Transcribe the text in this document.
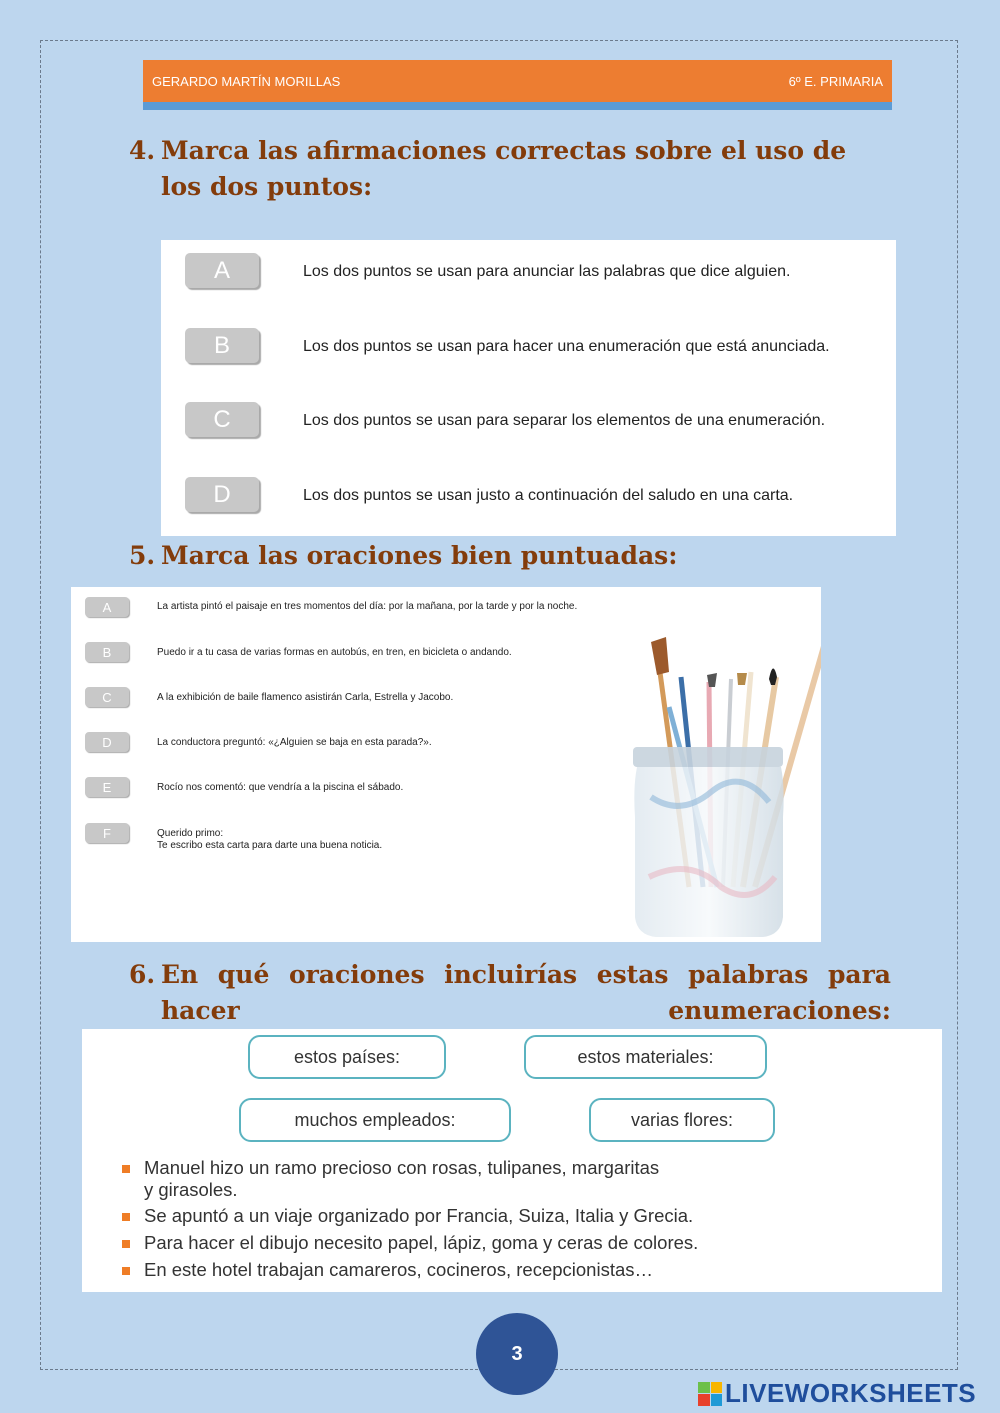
GERARDO MARTÍN MORILLAS	6º E. PRIMARIA
4. Marca las afirmaciones correctas sobre el uso de los dos puntos:
A	Los dos puntos se usan para anunciar las palabras que dice alguien.
B	Los dos puntos se usan para hacer una enumeración que está anunciada.
C	Los dos puntos se usan para separar los elementos de una enumeración.
D	Los dos puntos se usan justo a continuación del saludo en una carta.
5. Marca las oraciones bien puntuadas:
A	La artista pintó el paisaje en tres momentos del día: por la mañana, por la tarde y por la noche.
B	Puedo ir a tu casa de varias formas en autobús, en tren, en bicicleta o andando.
C	A la exhibición de baile flamenco asistirán Carla, Estrella y Jacobo.
D	La conductora preguntó: «¿Alguien se baja en esta parada?».
E	Rocío nos comentó: que vendría a la piscina el sábado.
F	Querido primo:
Te escribo esta carta para darte una buena noticia.
6. En qué oraciones incluirías estas palabras para hacer enumeraciones:
estos países:	estos materiales:
muchos empleados:	varias flores:
Manuel hizo un ramo precioso con rosas, tulipanes, margaritas
y girasoles.
Se apuntó a un viaje organizado por Francia, Suiza, Italia y Grecia.
Para hacer el dibujo necesito papel, lápiz, goma y ceras de colores.
En este hotel trabajan camareros, cocineros, recepcionistas…
3
LIVEWORKSHEETS
